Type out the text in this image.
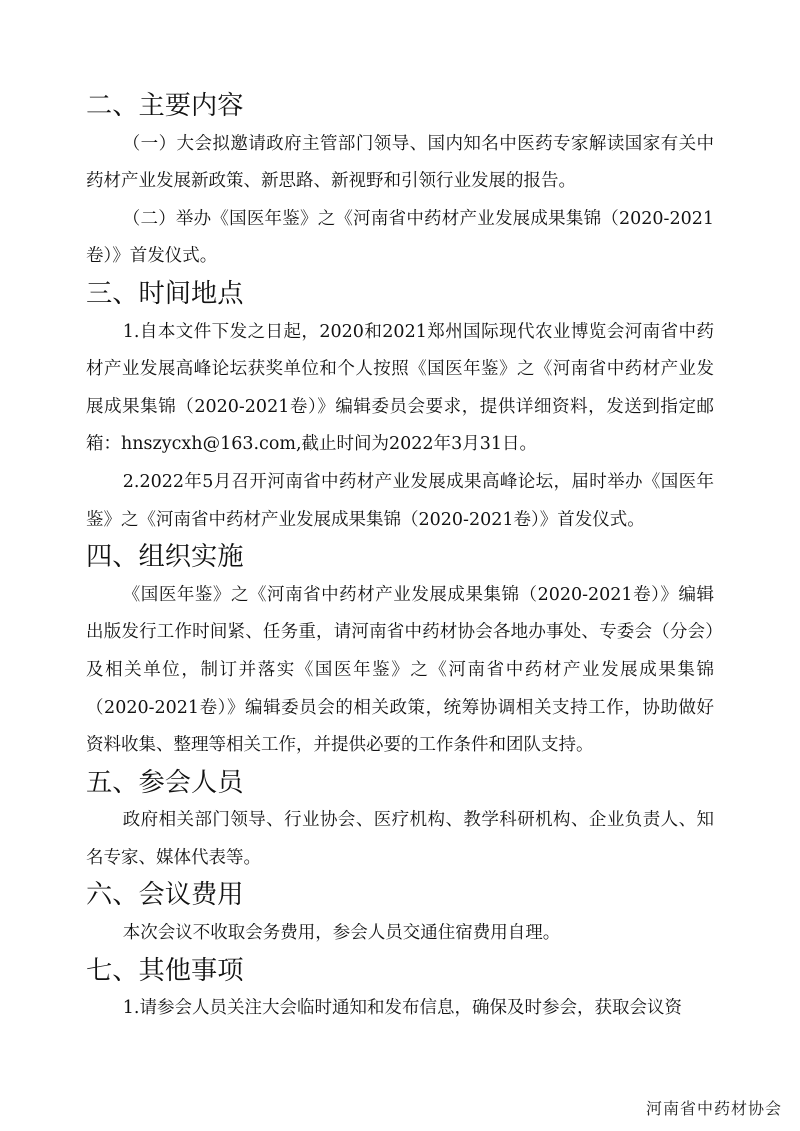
二、主要内容

（一）大会拟邀请政府主管部门领导、国内知名中医药专家解读国家有关中药材产业发展新政策、新思路、新视野和引领行业发展的报告。

（二）举办《国医年鉴》之《河南省中药材产业发展成果集锦（2020-2021卷）》首发仪式。

三、时间地点

1.自本文件下发之日起，2020和2021郑州国际现代农业博览会河南省中药材产业发展高峰论坛获奖单位和个人按照《国医年鉴》之《河南省中药材产业发展成果集锦（2020-2021卷）》编辑委员会要求，提供详细资料，发送到指定邮箱：hnszycxh@163.com,截止时间为2022年3月31日。

2.2022年5月召开河南省中药材产业发展成果高峰论坛，届时举办《国医年鉴》之《河南省中药材产业发展成果集锦（2020-2021卷）》首发仪式。

四、组织实施

《国医年鉴》之《河南省中药材产业发展成果集锦（2020-2021卷）》编辑出版发行工作时间紧、任务重，请河南省中药材协会各地办事处、专委会（分会）及相关单位，制订并落实《国医年鉴》之《河南省中药材产业发展成果集锦（2020-2021卷）》编辑委员会的相关政策，统筹协调相关支持工作，协助做好资料收集、整理等相关工作，并提供必要的工作条件和团队支持。

五、参会人员

政府相关部门领导、行业协会、医疗机构、教学科研机构、企业负责人、知名专家、媒体代表等。

六、会议费用

本次会议不收取会务费用，参会人员交通住宿费用自理。

七、其他事项

1.请参会人员关注大会临时通知和发布信息，确保及时参会，获取会议资

河南省中药材协会
